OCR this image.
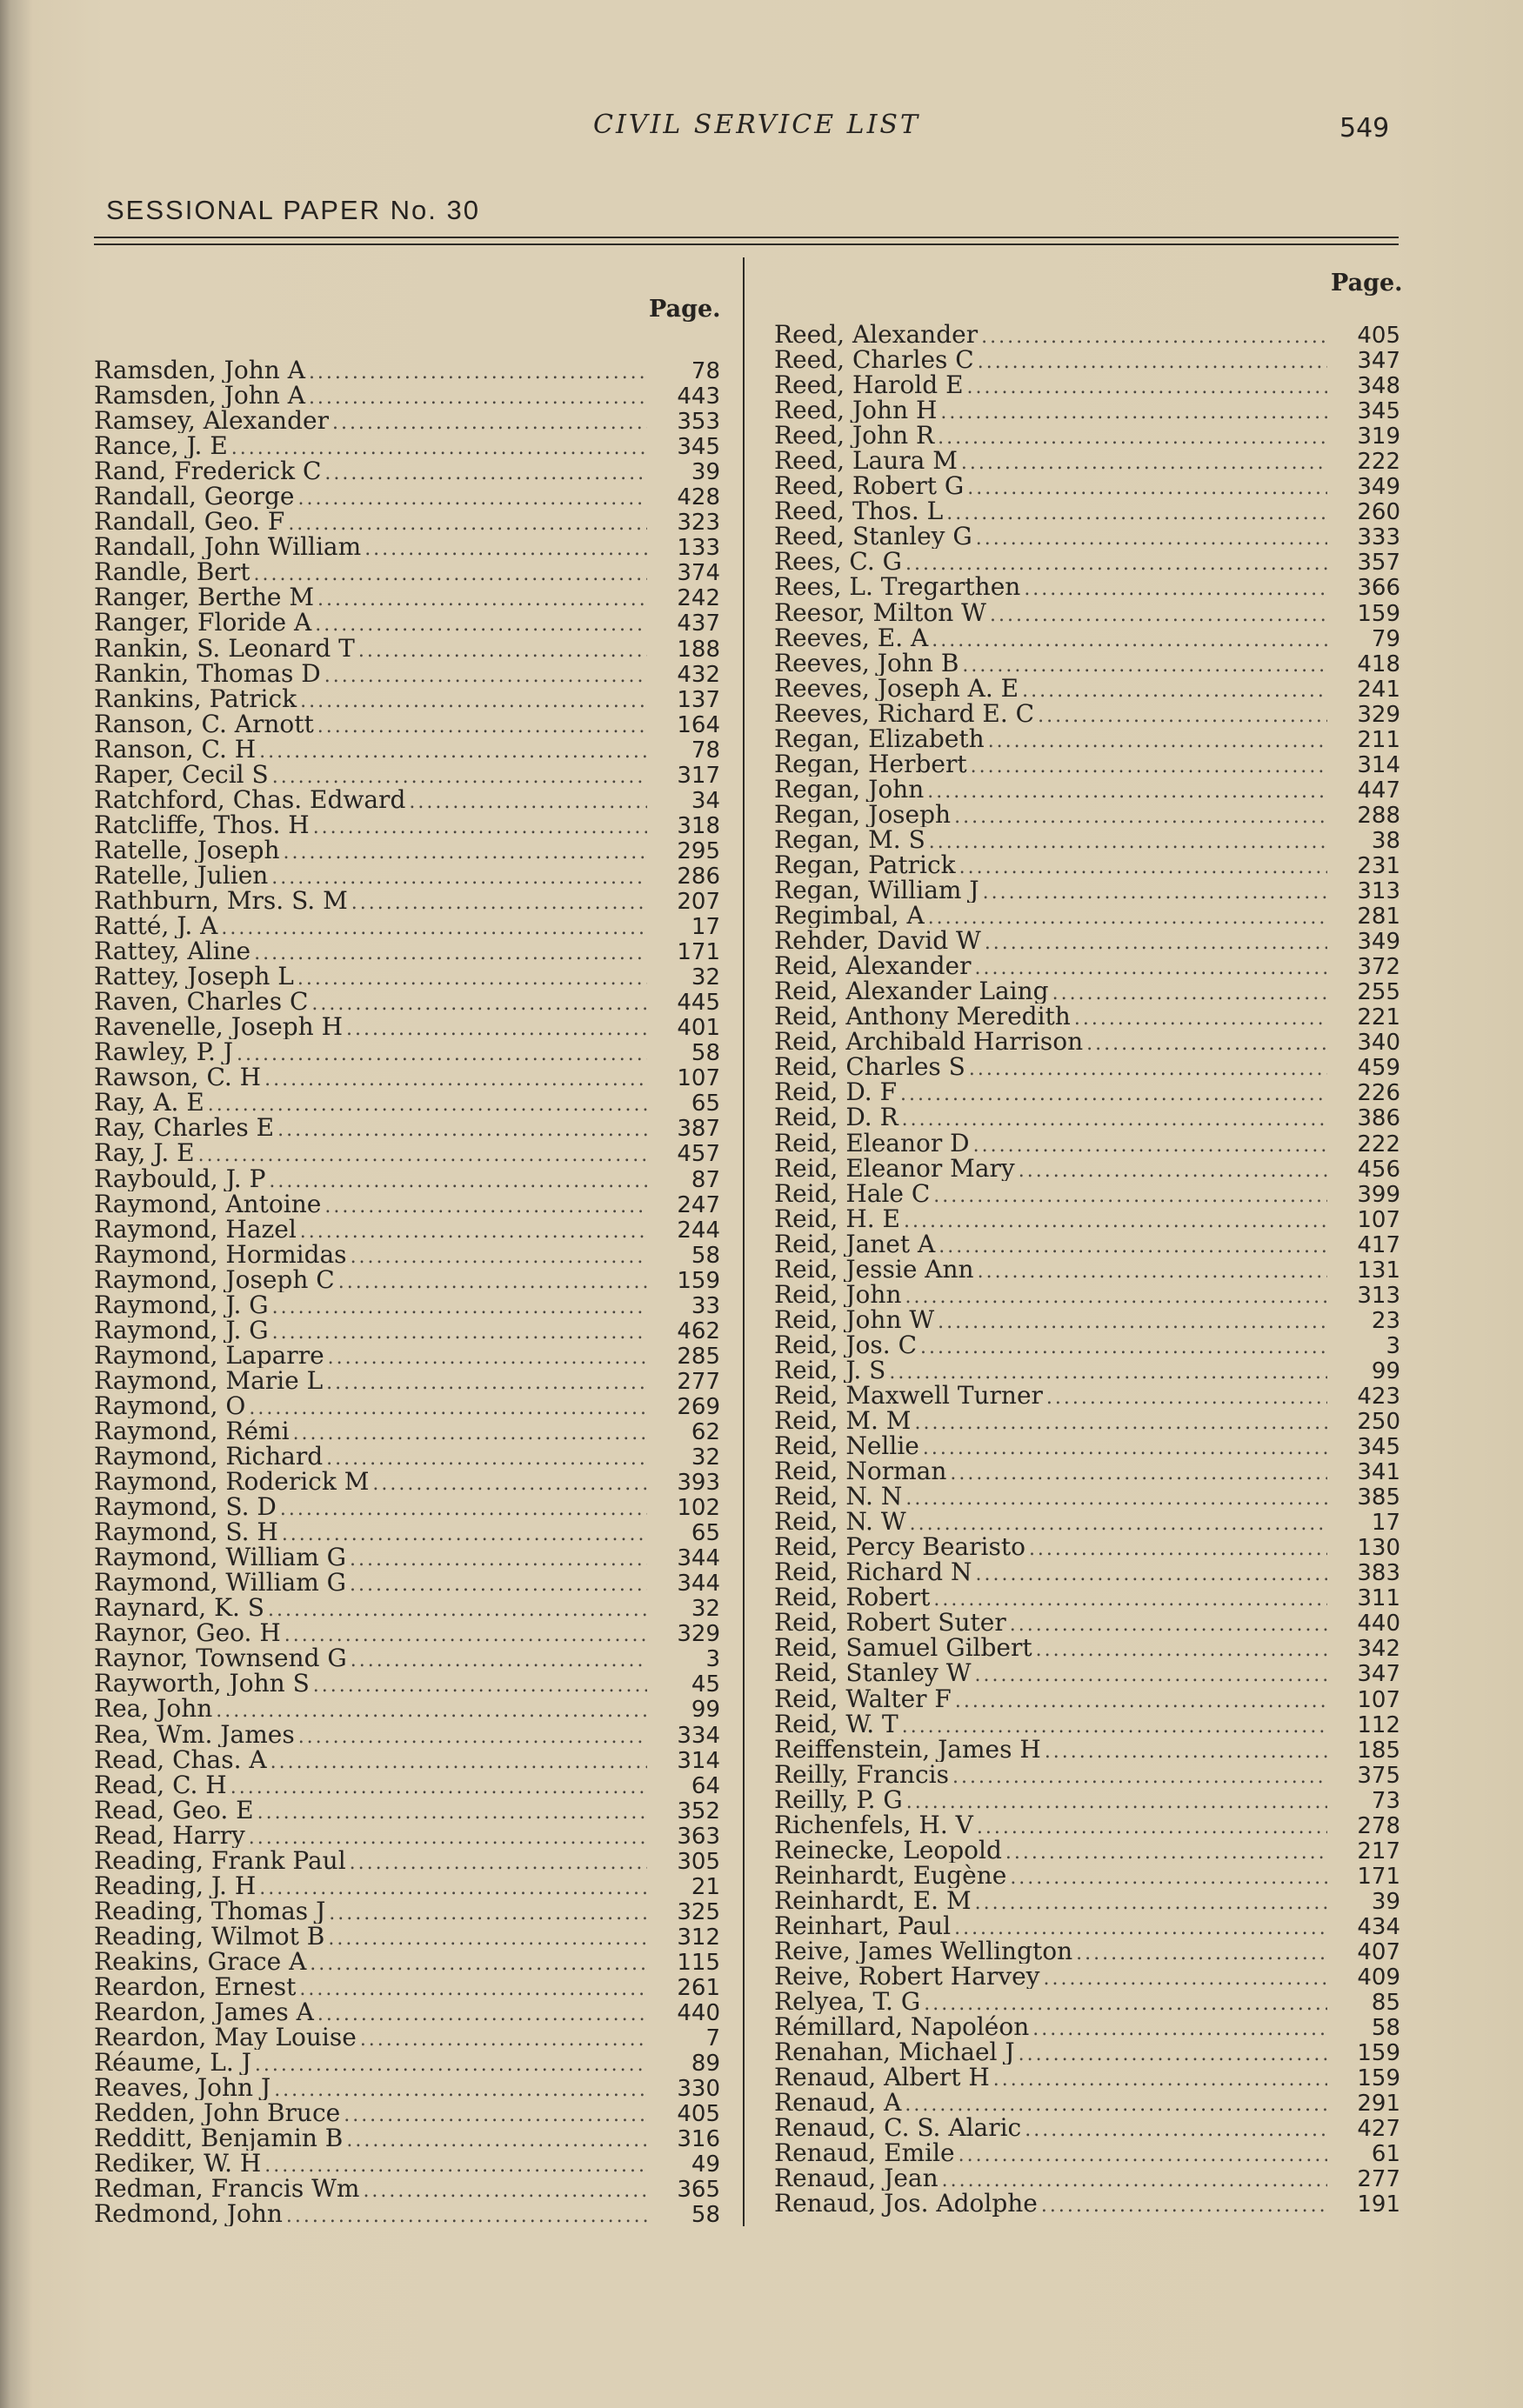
CIVIL SERVICE LIST	549
SESSIONAL PAPER No. 30
Page.
Ramsden, John A .....	78
Ramsden, John A .....	443
Ramsey, Alexander .....	353
Rance, J. E .....	345
Rand, Frederick C .....	39
Randall, George .....	428
Randall, Geo. F .....	323
Randall, John William .....	133
Randle, Bert .....	374
Ranger, Berthe M .....	242
Ranger, Floride A .....	437
Rankin, S. Leonard T .....	188
Rankin, Thomas D .....	432
Rankins, Patrick .....	137
Ranson, C. Arnott .....	164
Ranson, C. H .....	78
Raper, Cecil S .....	317
Ratchford, Chas. Edward .....	34
Ratcliffe, Thos. H .....	318
Ratelle, Joseph .....	295
Ratelle, Julien .....	286
Rathburn, Mrs. S. M .....	207
Ratté, J. A .....	17
Rattey, Aline .....	171
Rattey, Joseph L .....	32
Raven, Charles C .....	445
Ravenelle, Joseph H .....	401
Rawley, P. J .....	58
Rawson, C. H .....	107
Ray, A. E .....	65
Ray, Charles E .....	387
Ray, J. E .....	457
Raybould, J. P .....	87
Raymond, Antoine .....	247
Raymond, Hazel .....	244
Raymond, Hormidas .....	58
Raymond, Joseph C .....	159
Raymond, J. G .....	33
Raymond, J. G .....	462
Raymond, Laparre .....	285
Raymond, Marie L .....	277
Raymond, O .....	269
Raymond, Rémi .....	62
Raymond, Richard .....	32
Raymond, Roderick M .....	393
Raymond, S. D .....	102
Raymond, S. H .....	65
Raymond, William G .....	344
Raymond, William G .....	344
Raynard, K. S .....	32
Raynor, Geo. H .....	329
Raynor, Townsend G .....	3
Rayworth, John S .....	45
Rea, John .....	99
Rea, Wm. James .....	334
Read, Chas. A .....	314
Read, C. H .....	64
Read, Geo. E .....	352
Read, Harry .....	363
Reading, Frank Paul .....	305
Reading, J. H .....	21
Reading, Thomas J .....	325
Reading, Wilmot B .....	312
Reakins, Grace A .....	115
Reardon, Ernest .....	261
Reardon, James A .....	440
Reardon, May Louise .....	7
Réaume, L. J .....	89
Reaves, John J .....	330
Redden, John Bruce .....	405
Redditt, Benjamin B .....	316
Rediker, W. H .....	49
Redman, Francis Wm .....	365
Redmond, John .....	58
Page.
Reed, Alexander .....	405
Reed, Charles C .....	347
Reed, Harold E .....	348
Reed, John H .....	345
Reed, John R .....	319
Reed, Laura M .....	222
Reed, Robert G .....	349
Reed, Thos. L .....	260
Reed, Stanley G .....	333
Rees, C. G .....	357
Rees, L. Tregarthen .....	366
Reesor, Milton W .....	159
Reeves, E. A .....	79
Reeves, John B .....	418
Reeves, Joseph A. E .....	241
Reeves, Richard E. C .....	329
Regan, Elizabeth .....	211
Regan, Herbert .....	314
Regan, John .....	447
Regan, Joseph .....	288
Regan, M. S .....	38
Regan, Patrick .....	231
Regan, William J .....	313
Regimbal, A .....	281
Rehder, David W .....	349
Reid, Alexander .....	372
Reid, Alexander Laing .....	255
Reid, Anthony Meredith .....	221
Reid, Archibald Harrison .....	340
Reid, Charles S .....	459
Reid, D. F .....	226
Reid, D. R .....	386
Reid, Eleanor D .....	222
Reid, Eleanor Mary .....	456
Reid, Hale C .....	399
Reid, H. E .....	107
Reid, Janet A .....	417
Reid, Jessie Ann .....	131
Reid, John .....	313
Reid, John W .....	23
Reid, Jos. C .....	3
Reid, J. S .....	99
Reid, Maxwell Turner .....	423
Reid, M. M .....	250
Reid, Nellie .....	345
Reid, Norman .....	341
Reid, N. N .....	385
Reid, N. W .....	17
Reid, Percy Bearisto .....	130
Reid, Richard N .....	383
Reid, Robert .....	311
Reid, Robert Suter .....	440
Reid, Samuel Gilbert .....	342
Reid, Stanley W .....	347
Reid, Walter F .....	107
Reid, W. T .....	112
Reiffenstein, James H .....	185
Reilly, Francis .....	375
Reilly, P. G .....	73
Richenfels, H. V .....	278
Reinecke, Leopold .....	217
Reinhardt, Eugène .....	171
Reinhardt, E. M .....	39
Reinhart, Paul .....	434
Reive, James Wellington .....	407
Reive, Robert Harvey .....	409
Relyea, T. G .....	85
Rémillard, Napoléon .....	58
Renahan, Michael J .....	159
Renaud, Albert H .....	159
Renaud, A .....	291
Renaud, C. S. Alaric .....	427
Renaud, Emile .....	61
Renaud, Jean .....	277
Renaud, Jos. Adolphe .....	191
